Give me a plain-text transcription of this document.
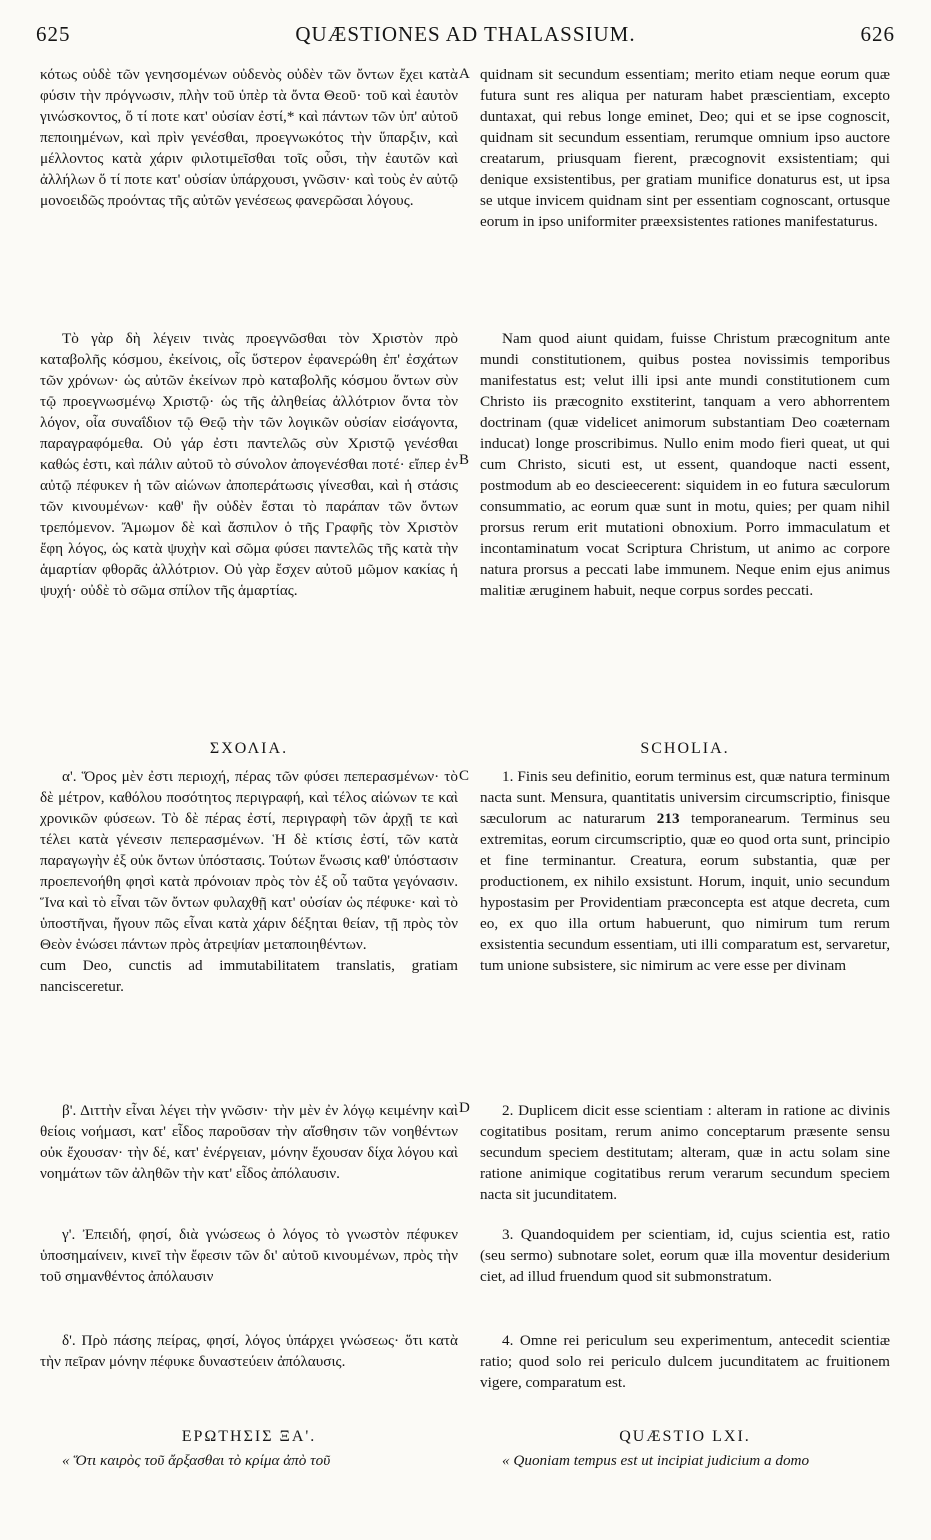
625	QUÆSTIONES AD THALASSIUM.	626
A
B
C
D

κότως οὐδὲ τῶν γενησομένων οὐδενὸς οὐδὲν τῶν ὄντων ἔχει κατὰ φύσιν τὴν πρόγνωσιν, πλὴν τοῦ ὑπὲρ τὰ ὄντα Θεοῦ· τοῦ καὶ ἑαυτὸν γινώσκοντος, ὅ τί ποτε κατ' οὐσίαν ἐστί,* καὶ πάντων τῶν ὑπ' αὐτοῦ πεποιημένων, καὶ πρὶν γενέσθαι, προεγνωκότος τὴν ὕπαρξιν, καὶ μέλλοντος κατὰ χάριν φιλοτιμεῖσθαι τοῖς οὖσι, τὴν ἑαυτῶν καὶ ἀλλήλων ὅ τί ποτε κατ' οὐσίαν ὑπάρχουσι, γνῶσιν· καὶ τοὺς ἐν αὐτῷ μονοειδῶς προόντας τῆς αὐτῶν γενέσεως φανερῶσαι λόγους.

Τὸ γὰρ δὴ λέγειν τινὰς προεγνῶσθαι τὸν Χριστὸν πρὸ καταβολῆς κόσμου, ἐκείνοις, οἷς ὕστερον ἐφανερώθη ἐπ' ἐσχάτων τῶν χρόνων· ὡς αὐτῶν ἐκείνων πρὸ καταβολῆς κόσμου ὄντων σὺν τῷ προεγνωσμένῳ Χριστῷ· ὡς τῆς ἀληθείας ἀλλότριον ὄντα τὸν λόγον, οἷα συναΐδιον τῷ Θεῷ τὴν τῶν λογικῶν οὐσίαν εἰσάγοντα, παραγραφόμεθα. Οὐ γάρ ἐστι παντελῶς σὺν Χριστῷ γενέσθαι καθώς ἐστι, καὶ πάλιν αὐτοῦ τὸ σύνολον ἀπογενέσθαι ποτέ· εἴπερ ἐν αὐτῷ πέφυκεν ἡ τῶν αἰώνων ἀποπεράτωσις γίνεσθαι, καὶ ἡ στάσις τῶν κινουμένων· καθ' ἣν οὐδὲν ἔσται τὸ παράπαν τῶν ὄντων τρεπόμενον. Ἄμωμον δὲ καὶ ἄσπιλον ὁ τῆς Γραφῆς τὸν Χριστὸν ἔφη λόγος, ὡς κατὰ ψυχὴν καὶ σῶμα φύσει παντελῶς τῆς κατὰ τὴν ἁμαρτίαν φθορᾶς ἀλλότριον. Οὐ γὰρ ἔσχεν αὐτοῦ μῶμον κακίας ἡ ψυχή· οὐδὲ τὸ σῶμα σπίλον τῆς ἁμαρτίας.

ΣΧΟΛΙΑ.

α'. Ὅρος μὲν ἐστι περιοχή, πέρας τῶν φύσει πεπερασμένων· τὸ δὲ μέτρον, καθόλου ποσότητος περιγραφή, καὶ τέλος αἰώνων τε καὶ χρονικῶν φύσεων. Τὸ δὲ πέρας ἐστί, περιγραφὴ τῶν ἀρχῇ τε καὶ τέλει κατὰ γένεσιν πεπερασμένων. Ἡ δὲ κτίσις ἐστί, τῶν κατὰ παραγωγὴν ἐξ οὐκ ὄντων ὑπόστασις. Τούτων ἕνωσις καθ' ὑπόστασιν προεπενοήθη φησὶ κατὰ πρόνοιαν πρὸς τὸν ἐξ οὗ ταῦτα γεγόνασιν. Ἵνα καὶ τὸ εἶναι τῶν ὄντων φυλαχθῇ κατ' οὐσίαν ὡς πέφυκε· καὶ τὸ ὑποστῆναι, ἤγουν πῶς εἶναι κατὰ χάριν δέξηται θείαν, τῇ πρὸς τὸν Θεὸν ἑνώσει πάντων πρὸς ἀτρεψίαν μεταποιηθέντων.

cum Deo, cunctis ad immutabilitatem translatis, gratiam nancisceretur.

β'. Διττὴν εἶναι λέγει τὴν γνῶσιν· τὴν μὲν ἐν λόγῳ κειμένην καὶ θείοις νοήμασι, κατ' εἶδος παροῦσαν τὴν αἴσθησιν τῶν νοηθέντων οὐκ ἔχουσαν· τὴν δέ, κατ' ἐνέργειαν, μόνην ἔχουσαν δίχα λόγου καὶ νοημάτων τῶν ἀληθῶν τὴν κατ' εἶδος ἀπόλαυσιν.

γ'. Ἐπειδή, φησί, διὰ γνώσεως ὁ λόγος τὸ γνωστὸν πέφυκεν ὑποσημαίνειν, κινεῖ τὴν ἔφεσιν τῶν δι' αὐτοῦ κινουμένων, πρὸς τὴν τοῦ σημανθέντος ἀπόλαυσιν

δ'. Πρὸ πάσης πείρας, φησί, λόγος ὑπάρχει γνώσεως· ὅτι κατὰ τὴν πεῖραν μόνην πέφυκε δυναστεύειν ἀπόλαυσις.

ΕΡΩΤΗΣΙΣ ΞΑ'.

« Ὅτι καιρὸς τοῦ ἄρξασθαι τὸ κρίμα ἀπὸ τοῦ

quidnam sit secundum essentiam; merito etiam neque eorum quæ futura sunt res aliqua per naturam habet præscientiam, excepto duntaxat, qui rebus longe eminet, Deo; qui et se ipse cognoscit, quidnam sit secundum essentiam, rerumque omnium ipso auctore creatarum, priusquam fierent, præcognovit exsistentiam; qui denique exsistentibus, per gratiam munifice donaturus est, ut ipsa se utque invicem quidnam sint per essentiam cognoscant, ortusque eorum in ipso uniformiter præexsistentes rationes manifestaturus.

Nam quod aiunt quidam, fuisse Christum præcognitum ante mundi constitutionem, quibus postea novissimis temporibus manifestatus est; velut illi ipsi ante mundi constitutionem cum Christo iis præcognito exstiterint, tanquam a vero abhorrentem doctrinam (quæ videlicet animorum substantiam Deo coæternam inducat) longe proscribimus. Nullo enim modo fieri queat, ut qui cum Christo, sicuti est, ut essent, quandoque nacti essent, postmodum ab eo descieecerent: siquidem in eo futura sæculorum consummatio, ac eorum quæ sunt in motu, quies; per quam nihil prorsus rerum erit mutationi obnoxium. Porro immaculatum et incontaminatum vocat Scriptura Christum, ut animo ac corpore natura prorsus a peccati labe immunem. Neque enim ejus animus malitiæ æruginem habuit, neque corpus sordes peccati.

SCHOLIA.

1. Finis seu definitio, eorum terminus est, quæ natura terminum nacta sunt. Mensura, quantitatis universim circumscriptio, finisque sæculorum ac naturarum 213 temporanearum. Terminus seu extremitas, eorum circumscriptio, quæ eo quod orta sunt, principio et fine terminantur. Creatura, eorum substantia, quæ per productionem, ex nihilo exsistunt. Horum, inquit, unio secundum hypostasim per Providentiam præconcepta est atque decreta, cum eo, ex quo illa ortum habuerunt, quo nimirum tum rerum exsistentia secundum essentiam, uti illi comparatum est, servaretur, tum unione subsistere, sic nimirum ac vere esse per divinam

2. Duplicem dicit esse scientiam : alteram in ratione ac divinis cogitatibus positam, rerum animo conceptarum præsente sensu secundum speciem destitutam; alteram, quæ in actu solam sine ratione animique cogitatibus rerum verarum secundum speciem nacta sit jucunditatem.

3. Quandoquidem per scientiam, id, cujus scientia est, ratio (seu sermo) subnotare solet, eorum quæ illa moventur desiderium ciet, ad illud fruendum quod sit submonstratum.

4. Omne rei periculum seu experimentum, antecedit scientiæ ratio; quod solo rei periculo dulcem jucunditatem ac fruitionem vigere, comparatum est.

QUÆSTIO LXI.

« Quoniam tempus est ut incipiat judicium a domo
